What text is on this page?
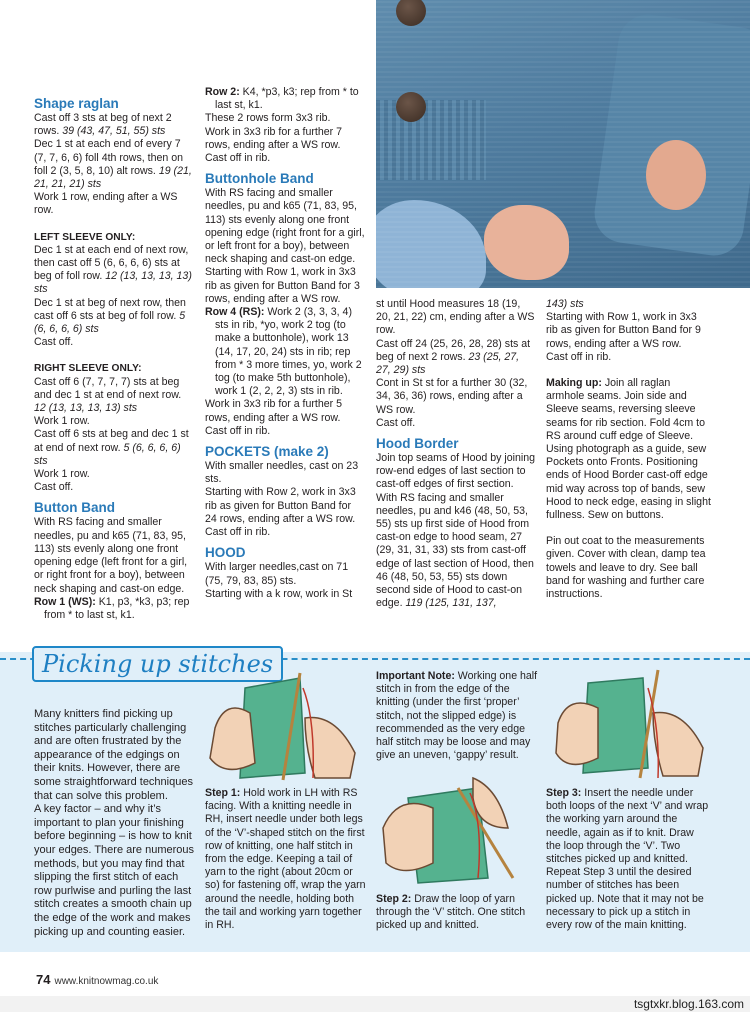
Shape raglan

Cast off 3 sts at beg of next 2 rows. 39 (43, 47, 51, 55) sts

Dec 1 st at each end of every 7 (7, 7, 6, 6) foll 4th rows, then on foll 2 (3, 5, 8, 10) alt rows. 19 (21, 21, 21, 21) sts

Work 1 row, ending after a WS row.

LEFT SLEEVE ONLY:

Dec 1 st at each end of next row, then cast off 5 (6, 6, 6, 6) sts at beg of foll row. 12 (13, 13, 13, 13) sts

Dec 1 st at beg of next row, then cast off 6 sts at beg of foll row. 5 (6, 6, 6, 6) sts

Cast off.

RIGHT SLEEVE ONLY:

Cast off 6 (7, 7, 7, 7) sts at beg and dec 1 st at end of next row. 12 (13, 13, 13, 13) sts

Work 1 row.

Cast off 6 sts at beg and dec 1 st at end of next row. 5 (6, 6, 6, 6) sts

Work 1 row.

Cast off.

Button Band

With RS facing and smaller needles, pu and k65 (71, 83, 95, 113) sts evenly along one front opening edge (left front for a girl, or right front for a boy), between neck shaping and cast-on edge.

Row 1 (WS): K1, p3, *k3, p3; rep from * to last st, k1.

Row 2: K4, *p3, k3; rep from * to last st, k1.

These 2 rows form 3x3 rib.

Work in 3x3 rib for a further 7 rows, ending after a WS row.

Cast off in rib.

Buttonhole Band

With RS facing and smaller needles, pu and k65 (71, 83, 95, 113) sts evenly along one front opening edge (right front for a girl, or left front for a boy), between neck shaping and cast-on edge.

Starting with Row 1, work in 3x3 rib as given for Button Band for 3 rows, ending after a WS row.

Row 4 (RS): Work 2 (3, 3, 3, 4) sts in rib, *yo, work 2 tog (to make a buttonhole), work 13 (14, 17, 20, 24) sts in rib; rep from * 3 more times, yo, work 2 tog (to make 5th buttonhole), work 1 (2, 2, 2, 3) sts in rib.

Work in 3x3 rib for a further 5 rows, ending after a WS row.

Cast off in rib.

POCKETS (make 2)

With smaller needles, cast on 23 sts.

Starting with Row 2, work in 3x3 rib as given for Button Band for 24 rows, ending after a WS row.

Cast off in rib.

HOOD

With larger needles,cast on 71 (75, 79, 83, 85) sts.

Starting with a k row, work in St

st until Hood measures 18 (19, 20, 21, 22) cm, ending after a WS row.

Cast off 24 (25, 26, 28, 28) sts at beg of next 2 rows. 23 (25, 27, 27, 29) sts

Cont in St st for a further 30 (32, 34, 36, 36) rows, ending after a WS row.

Cast off.

Hood Border

Join top seams of Hood by joining row-end edges of last section to cast-off edges of first section.

With RS facing and smaller needles, pu and k46 (48, 50, 53, 55) sts up first side of Hood from cast-on edge to hood seam, 27 (29, 31, 31, 33) sts from cast-off edge of last section of Hood, then 46 (48, 50, 53, 55) sts down second side of Hood to cast-on edge. 119 (125, 131, 137,

143) sts

Starting with Row 1, work in 3x3 rib as given for Button Band for 9 rows, ending after a WS row.

Cast off in rib.

Making up: Join all raglan armhole seams. Join side and Sleeve seams, reversing sleeve seams for rib section. Fold 4cm to RS around cuff edge of Sleeve. Using photograph as a guide, sew Pockets onto Fronts. Positioning ends of Hood Border cast-off edge mid way across top of bands, sew Hood to neck edge, easing in slight fullness. Sew on buttons.

Pin out coat to the measurements given. Cover with clean, damp tea towels and leave to dry. See ball band for washing and further care instructions.

Picking up stitches

Many knitters find picking up stitches particularly challenging and are often frustrated by the appearance of the edgings on their knits. However, there are some straightforward techniques that can solve this problem.

A key factor – and why it’s important to plan your finishing before beginning – is how to knit your edges. There are numerous methods, but you may find that slipping the first stitch of each row purlwise and purling the last stitch creates a smooth chain up the edge of the work and makes picking up and counting easier.

Step 1: Hold work in LH with RS facing. With a knitting needle in RH, insert needle under both legs of the ‘V’-shaped stitch on the first row of knitting, one half stitch in from the edge. Keeping a tail of yarn to the right (about 20cm or so) for fastening off, wrap the yarn around the needle, holding both the tail and working yarn together in RH.

Important Note: Working one half stitch in from the edge of the knitting (under the first ‘proper’ stitch, not the slipped edge) is recommended as the very edge half stitch may be loose and may give an uneven, ‘gappy’ result.

Step 2: Draw the loop of yarn through the ‘V’ stitch. One stitch picked up and knitted.

Step 3: Insert the needle under both loops of the next ‘V’ and wrap the working yarn around the needle, again as if to knit. Draw the loop through the ‘V’. Two stitches picked up and knitted. Repeat Step 3 until the desired number of stitches has been picked up. Note that it may not be necessary to pick up a stitch in every row of the main knitting.

74 www.knitnowmag.co.uk
tsgtxkr.blog.163.com
